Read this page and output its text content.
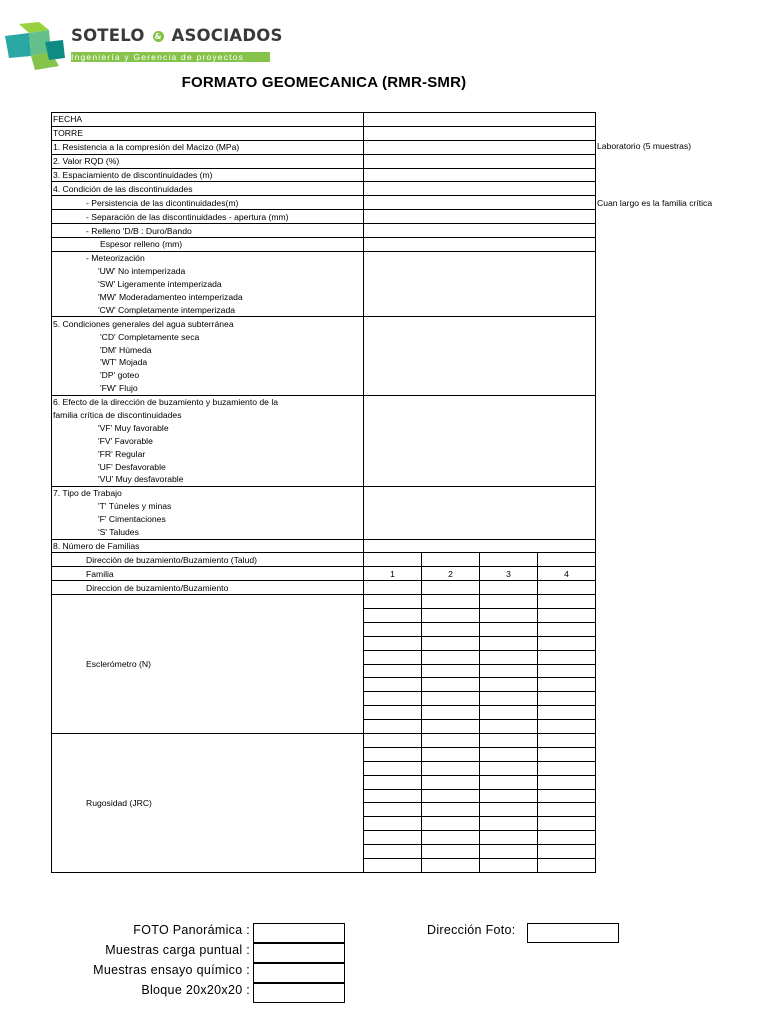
SOTELO & ASOCIADOS
Ingeniería y Gerencia de proyectos
FORMATO GEOMECANICA (RMR-SMR)
FECHA				
TORRE				
1. Resistencia a la compresión del Macizo (MPa)				
2. Valor RQD (%)				
3. Espaciamiento de discontinuidades (m)				
4. Condición de las discontinuidades				
- Persistencia de las dicontinuidades(m)				
- Separación de las discontinuidades - apertura (mm)				
- Relleno 'D/B : Duro/Bando				
Espesor relleno (mm)				
- Meteorización				
'UW' No intemperizada				
'SW' Ligeramente intemperizada				
'MW' Moderadamenteo intemperizada				
'CW' Completamente intemperizada				
5. Condiciones generales del agua subterránea				
'CD' Completamente seca				
'DM' Húmeda				
'WT' Mojada				
'DP' goteo				
'FW' Flujo				
6. Efecto de la dirección de buzamiento y buzamiento de la				
familia crítica de discontinuidades				
'VF' Muy favorable				
'FV' Favorable				
'FR' Regular				
'UF' Desfavorable				
'VU' Muy desfavorable				
7. Tipo de Trabajo				
'T' Túneles y minas				
'F' Cimentaciones				
'S' Taludes				
8. Número de Familias				
Dirección de buzamiento/Buzamiento (Talud)				
Familia	1	2	3	4
Direccion de buzamiento/Buzamiento				
Esclerómetro (N)				

Rugosidad (JRC)				

Laboratorio (5 muestras)
Cuan largo es la familia crítica
FOTO Panorámica :
Muestras carga puntual :
Muestras ensayo químico :
Bloque 20x20x20 :
Dirección Foto:
